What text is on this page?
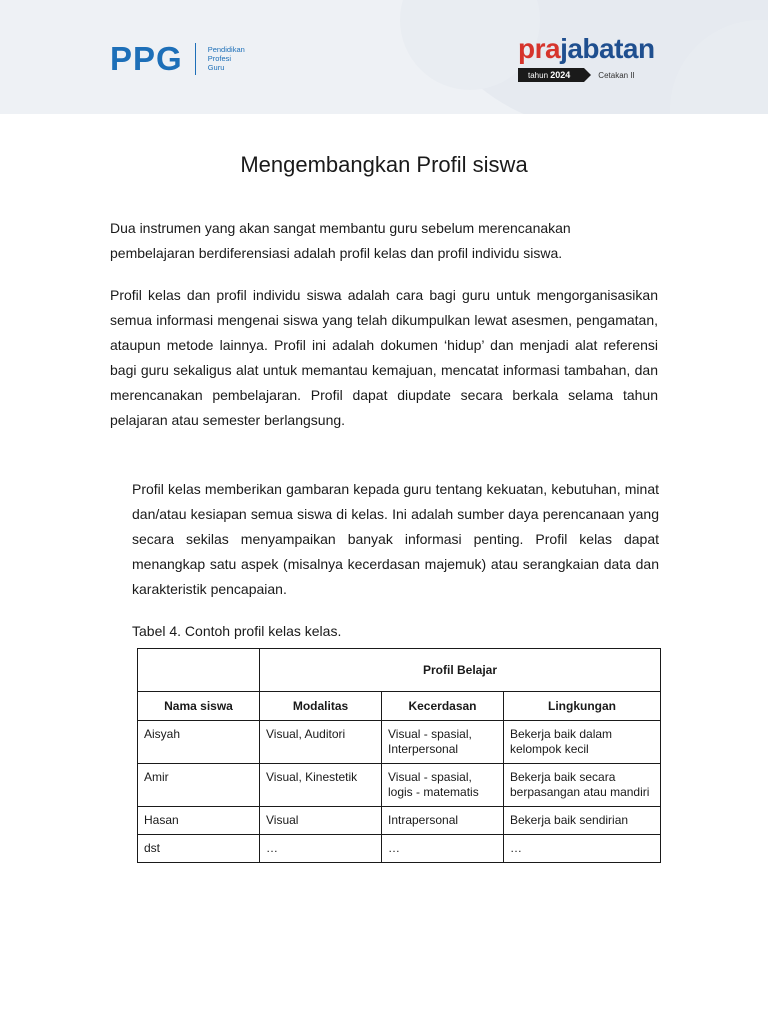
PPG	Pendidikan
Profesi
Guru
prajabatan
tahun 2024	Cetakan II
Mengembangkan Profil siswa

Dua instrumen yang akan sangat membantu guru sebelum merencanakan pembelajaran berdiferensiasi adalah profil kelas dan profil individu siswa.

Profil kelas dan profil individu siswa adalah cara bagi guru untuk mengorganisasikan semua informasi mengenai siswa yang telah dikumpulkan lewat asesmen, pengamatan, ataupun metode lainnya. Profil ini adalah dokumen ‘hidup’ dan menjadi alat referensi bagi guru sekaligus alat untuk memantau kemajuan, mencatat informasi tambahan, dan merencanakan pembelajaran. Profil dapat diupdate secara berkala selama tahun pelajaran atau semester berlangsung.

Profil kelas memberikan gambaran kepada guru tentang kekuatan, kebutuhan, minat dan/atau kesiapan semua siswa di kelas. Ini adalah sumber daya perencanaan yang secara sekilas menyampaikan banyak informasi penting. Profil kelas dapat menangkap satu aspek (misalnya kecerdasan majemuk) atau serangkaian data dan karakteristik pencapaian.

Tabel 4. Contoh profil kelas kelas.
	Profil Belajar		
Nama siswa	Modalitas	Kecerdasan	Lingkungan
Aisyah	Visual, Auditori	Visual - spasial, Interpersonal	Bekerja baik dalam kelompok kecil
Amir	Visual, Kinestetik	Visual - spasial, logis - matematis	Bekerja baik secara berpasangan atau mandiri
Hasan	Visual	Intrapersonal	Bekerja baik sendirian
dst	…	…	…
